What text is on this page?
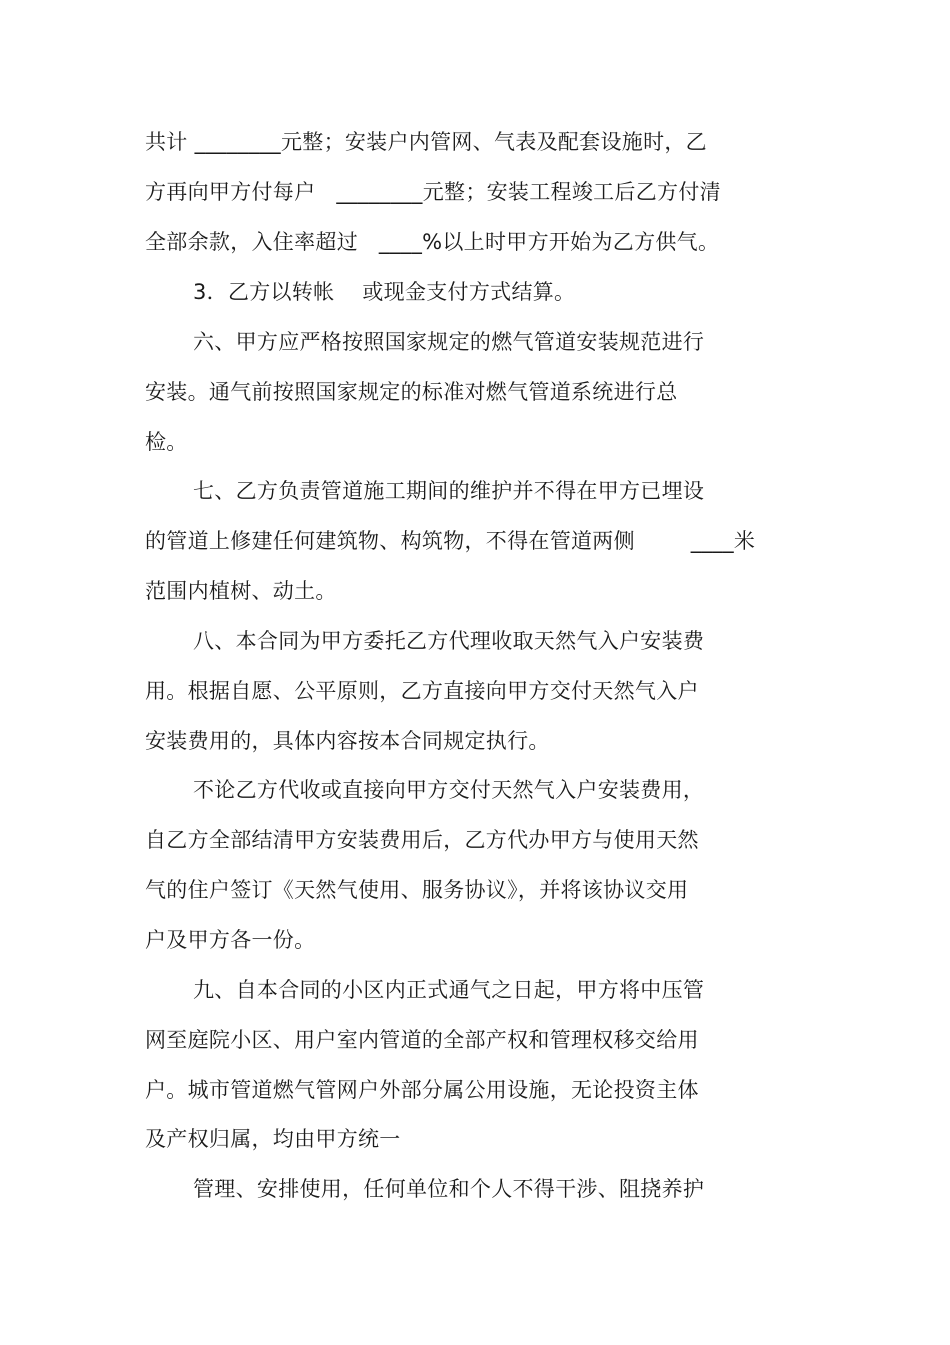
共计 ________元整；安装户内管网、气表及配套设施时，乙
方再向甲方付每户   ________元整；安装工程竣工后乙方付清
全部余款，入住率超过   ____%以上时甲方开始为乙方供气。
3．乙方以转帐    或现金支付方式结算。
六、甲方应严格按照国家规定的燃气管道安装规范进行
安装。通气前按照国家规定的标准对燃气管道系统进行总
检。
七、乙方负责管道施工期间的维护并不得在甲方已埋设
的管道上修建任何建筑物、构筑物，不得在管道两侧        ____米
范围内植树、动土。
八、本合同为甲方委托乙方代理收取天然气入户安装费
用。根据自愿、公平原则，乙方直接向甲方交付天然气入户
安装费用的，具体内容按本合同规定执行。
不论乙方代收或直接向甲方交付天然气入户安装费用，
自乙方全部结清甲方安装费用后，乙方代办甲方与使用天然
气的住户签订《天然气使用、服务协议》，并将该协议交用
户及甲方各一份。
九、自本合同的小区内正式通气之日起，甲方将中压管
网至庭院小区、用户室内管道的全部产权和管理权移交给用
户。城市管道燃气管网户外部分属公用设施，无论投资主体
及产权归属，均由甲方统一
管理、安排使用，任何单位和个人不得干涉、阻挠养护
